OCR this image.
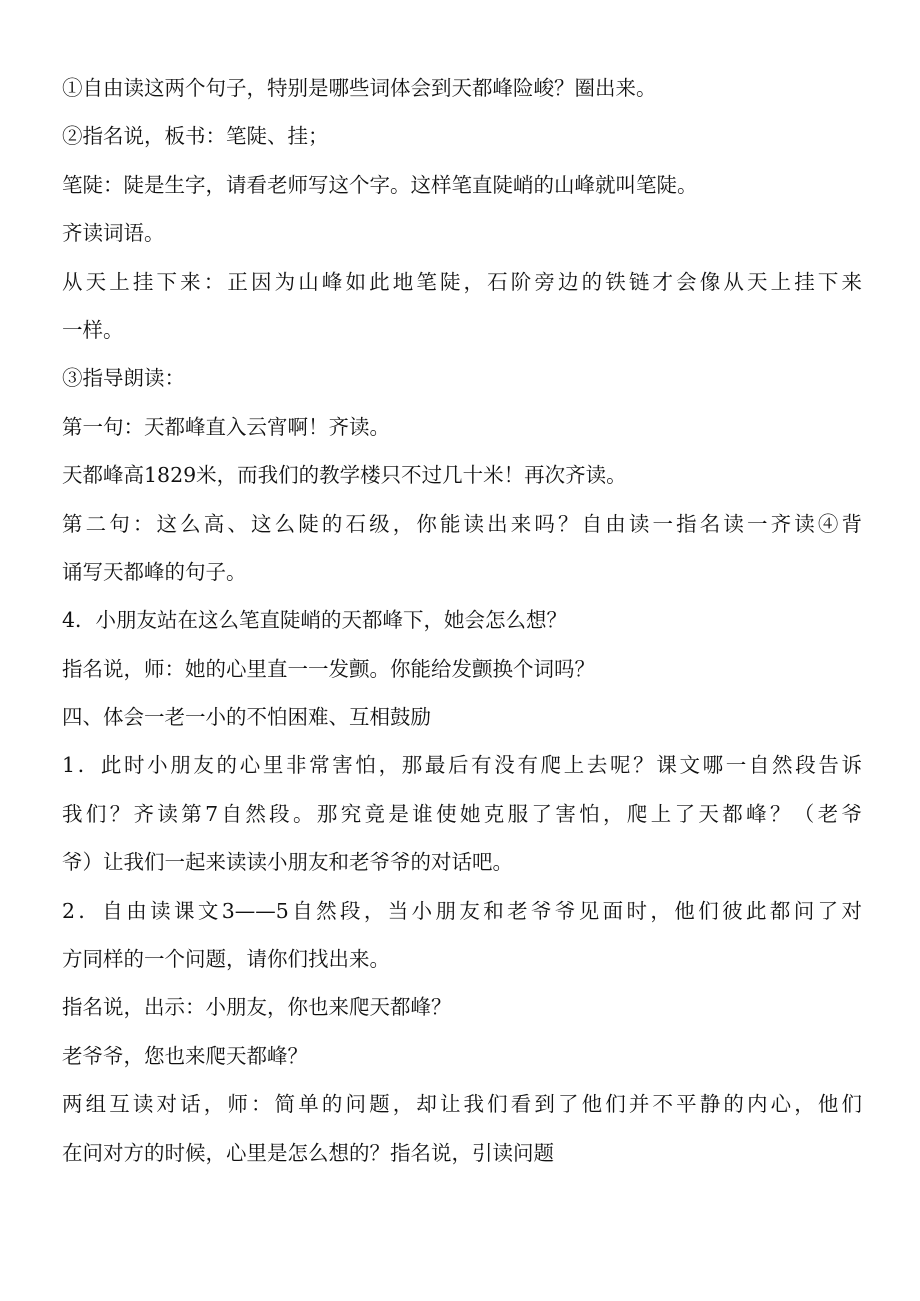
①自由读这两个句子，特别是哪些词体会到天都峰险峻？圈出来。
②指名说，板书：笔陡、挂；
笔陡：陡是生字，请看老师写这个字。这样笔直陡峭的山峰就叫笔陡。
齐读词语。
从天上挂下来：正因为山峰如此地笔陡，石阶旁边的铁链才会像从天上挂下来
一样。
③指导朗读：
第一句：天都峰直入云宵啊！齐读。
天都峰高1829米，而我们的教学楼只不过几十米！再次齐读。
第二句：这么高、这么陡的石级，你能读出来吗？自由读一指名读一齐读④背
诵写天都峰的句子。
4．小朋友站在这么笔直陡峭的天都峰下，她会怎么想？
指名说，师：她的心里直一一发颤。你能给发颤换个词吗？
四、体会一老一小的不怕困难、互相鼓励
1．此时小朋友的心里非常害怕，那最后有没有爬上去呢？课文哪一自然段告诉
我们？齐读第7自然段。那究竟是谁使她克服了害怕，爬上了天都峰？（老爷
爷）让我们一起来读读小朋友和老爷爷的对话吧。
2．自由读课文3——5自然段，当小朋友和老爷爷见面时，他们彼此都问了对
方同样的一个问题，请你们找出来。
指名说，出示：小朋友，你也来爬天都峰？
老爷爷，您也来爬天都峰？
两组互读对话，师：简单的问题，却让我们看到了他们并不平静的内心，他们
在问对方的时候，心里是怎么想的？指名说，引读问题
